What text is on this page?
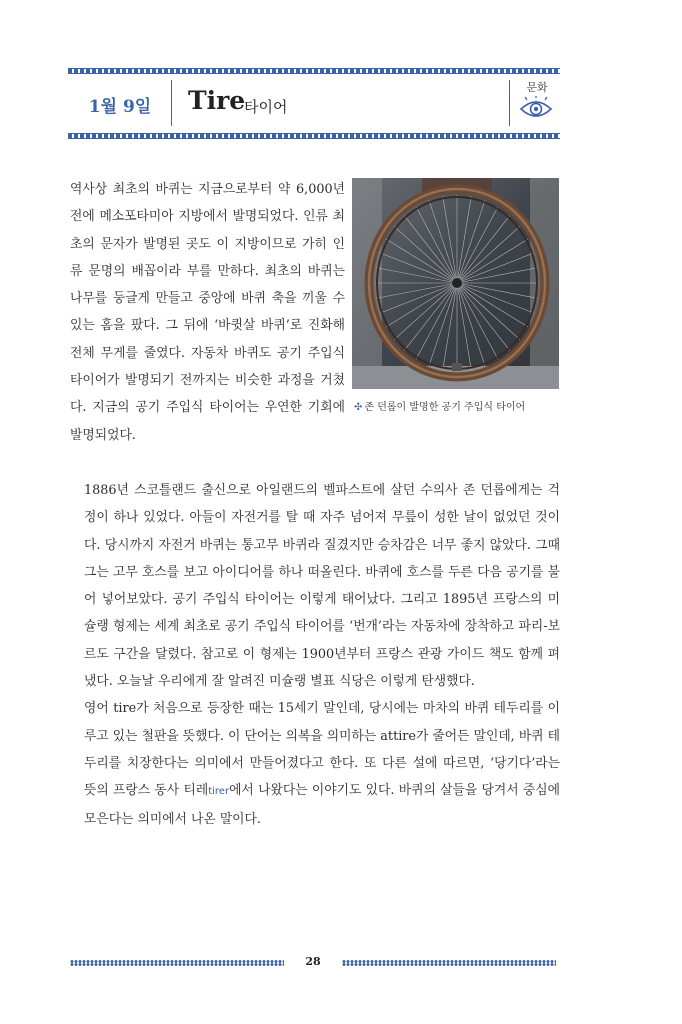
1월 9일	Tire
타이어
문화
✣ 존 던롭이 발명한 공기 주입식 타이어

역사상 최초의 바퀴는 지금으로부터 약 6,000년 전에 메소포타미아 지방에서 발명되었다. 인류 최초의 문자가 발명된 곳도 이 지방이므로 가히 인류 문명의 배꼽이라 부를 만하다. 최초의 바퀴는 나무를 둥글게 만들고 중앙에 바퀴 축을 끼울 수 있는 홈을 팠다. 그 뒤에 ‘바큇살 바퀴’로 진화해 전체 무게를 줄였다. 자동차 바퀴도 공기 주입식 타이어가 발명되기 전까지는 비슷한 과정을 거쳤다. 지금의 공기 주입식 타이어는 우연한 기회에 발명되었다.

1886년 스코틀랜드 출신으로 아일랜드의 벨파스트에 살던 수의사 존 던롭에게는 걱정이 하나 있었다. 아들이 자전거를 탈 때 자주 넘어져 무릎이 성한 날이 없었던 것이다. 당시까지 자전거 바퀴는 통고무 바퀴라 질겼지만 승차감은 너무 좋지 않았다. 그때 그는 고무 호스를 보고 아이디어를 하나 떠올린다. 바퀴에 호스를 두른 다음 공기를 불어 넣어보았다. 공기 주입식 타이어는 이렇게 태어났다. 그리고 1895년 프랑스의 미슐랭 형제는 세계 최초로 공기 주입식 타이어를 ‘번개’라는 자동차에 장착하고 파리-보르도 구간을 달렸다. 참고로 이 형제는 1900년부터 프랑스 관광 가이드 책도 함께 펴냈다. 오늘날 우리에게 잘 알려진 미슐랭 별표 식당은 이렇게 탄생했다.

영어 tire가 처음으로 등장한 때는 15세기 말인데, 당시에는 마차의 바퀴 테두리를 이루고 있는 철판을 뜻했다. 이 단어는 의복을 의미하는 attire가 줄어든 말인데, 바퀴 테두리를 치장한다는 의미에서 만들어졌다고 한다. 또 다른 설에 따르면, ‘당기다’라는 뜻의 프랑스 동사 티레tirer에서 나왔다는 이야기도 있다. 바퀴의 살들을 당겨서 중심에 모은다는 의미에서 나온 말이다.

28
